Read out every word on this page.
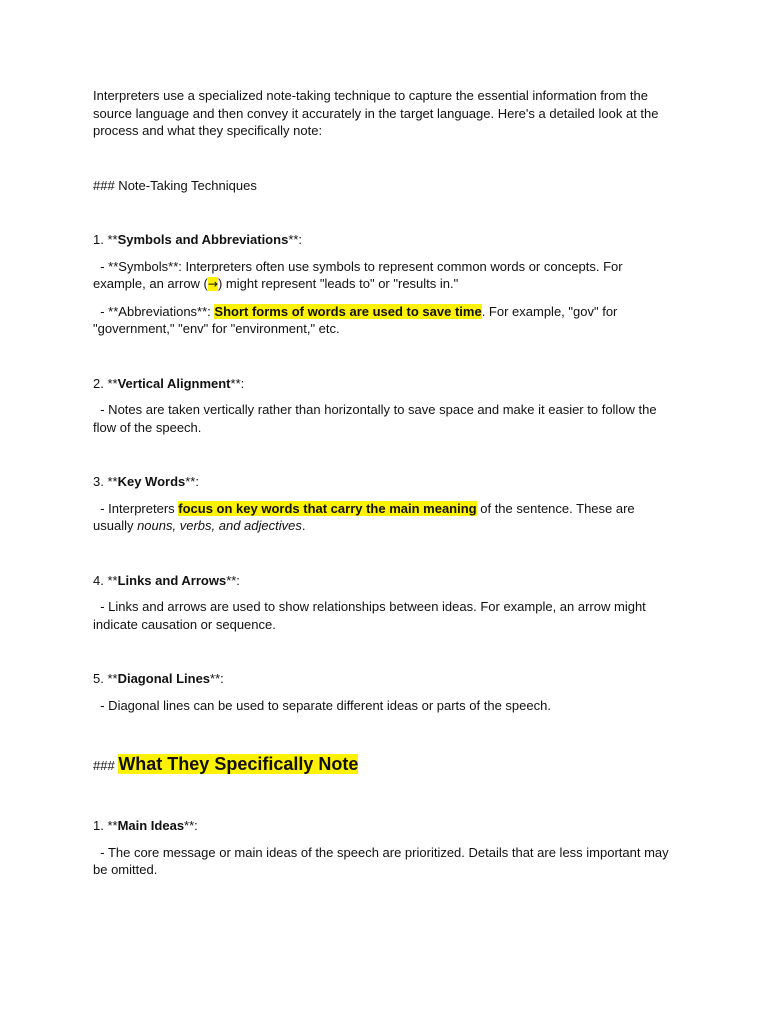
Interpreters use a specialized note-taking technique to capture the essential information from the source language and then convey it accurately in the target language. Here's a detailed look at the process and what they specifically note:

### Note-Taking Techniques

1. **Symbols and Abbreviations**:

- **Symbols**: Interpreters often use symbols to represent common words or concepts. For example, an arrow (→) might represent "leads to" or "results in."

- **Abbreviations**: Short forms of words are used to save time. For example, "gov" for "government," "env" for "environment," etc.

2. **Vertical Alignment**:

- Notes are taken vertically rather than horizontally to save space and make it easier to follow the flow of the speech.

3. **Key Words**:

- Interpreters focus on key words that carry the main meaning of the sentence. These are usually nouns, verbs, and adjectives.

4. **Links and Arrows**:

- Links and arrows are used to show relationships between ideas. For example, an arrow might indicate causation or sequence.

5. **Diagonal Lines**:

- Diagonal lines can be used to separate different ideas or parts of the speech.

### What They Specifically Note

1. **Main Ideas**:

- The core message or main ideas of the speech are prioritized. Details that are less important may be omitted.
